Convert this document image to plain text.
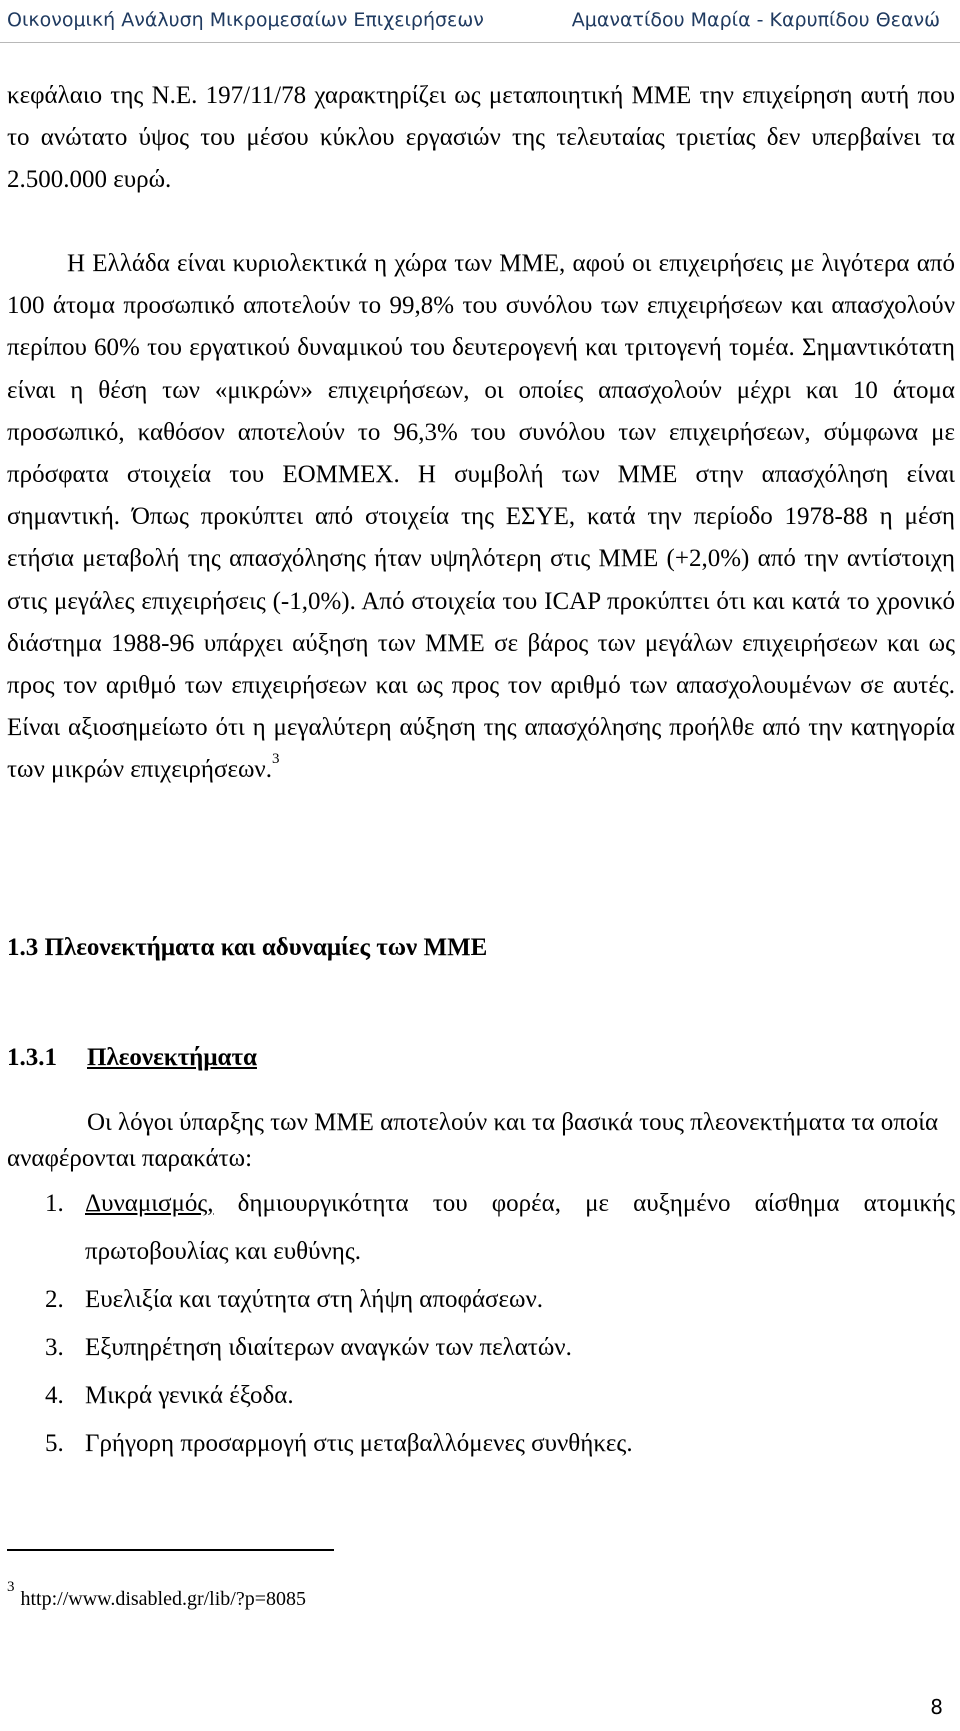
Οικονομική Ανάλυση Μικρομεσαίων Επιχειρήσεων	Αμανατίδου Μαρία - Καρυπίδου Θεανώ
κεφάλαιο της Ν.Ε. 197/11/78 χαρακτηρίζει ως μεταποιητική ΜΜΕ την επιχείρηση αυτή που το ανώτατο ύψος του μέσου κύκλου εργασιών της τελευταίας τριετίας δεν υπερβαίνει τα 2.500.000 ευρώ.
Η Ελλάδα είναι κυριολεκτικά η χώρα των ΜΜΕ, αφού οι επιχειρήσεις με λιγότερα από 100 άτομα προσωπικό αποτελούν το 99,8% του συνόλου των επιχειρήσεων και απασχολούν περίπου 60% του εργατικού δυναμικού του δευτερογενή και τριτογενή τομέα. Σημαντικότατη είναι η θέση των «μικρών» επιχειρήσεων, οι οποίες απασχολούν μέχρι και 10 άτομα προσωπικό, καθόσον αποτελούν το 96,3% του συνόλου των επιχειρήσεων, σύμφωνα με πρόσφατα στοιχεία του ΕΟΜΜΕΧ. Η συμβολή των ΜΜΕ στην απασχόληση είναι σημαντική. Όπως προκύπτει από στοιχεία της ΕΣΥΕ, κατά την περίοδο 1978-88 η μέση ετήσια μεταβολή της απασχόλησης ήταν υψηλότερη στις ΜΜΕ (+2,0%) από την αντίστοιχη στις μεγάλες επιχειρήσεις (-1,0%). Από στοιχεία του ICAP προκύπτει ότι και κατά το χρονικό διάστημα 1988-96 υπάρχει αύξηση των ΜΜΕ σε βάρος των μεγάλων επιχειρήσεων και ως προς τον αριθμό των επιχειρήσεων και ως προς τον αριθμό των απασχολουμένων σε αυτές. Είναι αξιοσημείωτο ότι η μεγαλύτερη αύξηση της απασχόλησης προήλθε από την κατηγορία των μικρών επιχειρήσεων.$^3$
1.3 Πλεονεκτήματα και αδυναμίες των ΜΜΕ
1.3.1 Πλεονεκτήματα
Οι λόγοι ύπαρξης των ΜΜΕ αποτελούν και τα βασικά τους πλεονεκτήματα τα οποία αναφέρονται παρακάτω:
1. Δυναμισμός, δημιουργικότητα του φορέα, με αυξημένο αίσθημα ατομικής πρωτοβουλίας και ευθύνης.
2. Ευελιξία και ταχύτητα στη λήψη αποφάσεων.
3. Εξυπηρέτηση ιδιαίτερων αναγκών των πελατών.
4. Μικρά γενικά έξοδα.
5. Γρήγορη προσαρμογή στις μεταβαλλόμενες συνθήκες.
$^3$http://www.disabled.gr/lib/?p=8085
8
